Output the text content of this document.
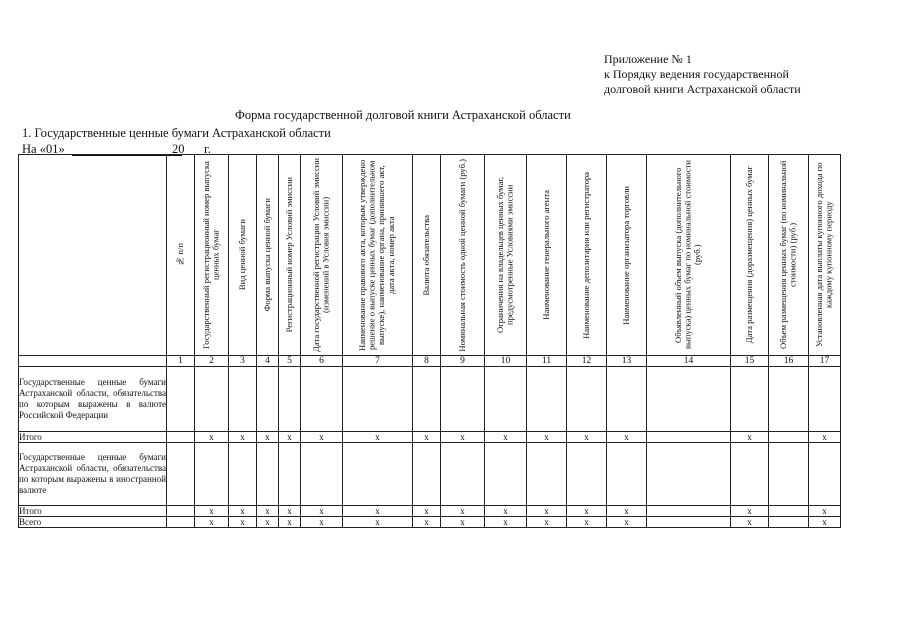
Приложение № 1
к Порядку ведения государственной
долговой книги Астраханской области
Форма государственной долговой книги Астраханской области
1. Государственные ценные бумаги Астраханской области
На «01»	20 г.

	№ п/п	Государственный регистрационный номер выпуска ценных бумаг	Вид ценной бумаги	Форма выпуска ценной бумаги	Регистрационный номер Условий эмиссии	Дата государственной регистрации Условий эмиссии (изменений в Условия эмиссии)	Наименование правового акта, которым утверждено решение о выпуске ценных бумаг (дополнительном выпуске), наименование органа, принявшего акт, дата акта, номер акта	Валюта обязательства	Номинальная стоимость одной ценной бумаги (руб.)	Ограничения на владельцев ценных бумаг, предусмотренные Условиями эмиссии	Наименование генерального агента	Наименование депозитария или регистратора	Наименование организатора торговли	Объявленный объем выпуска (дополнительного выпуска) ценных бумаг по номинальной стоимости (руб.)	Дата размещения (доразмещения) ценных бумаг	Объем размещения ценных бумаг (по номинальной стоимости) (руб.)	Установленная дата выплаты купонного дохода по каждому купонному периоду

	1	2	3	4	5	6	7	8	9	10	11	12	13	14	15	16	17
Государственные ценные бумаги Астраханской области, обязательства по которым выражены в валюте Российской Федерации																	
Итого		x	x	x	x	x	x	x	x	x	x	x	x		x		x
Государственные ценные бумаги Астраханской области, обязательства по которым выражены в иностранной валюте																	
Итого		x	x	x	x	x	x	x	x	x	x	x	x		x		x
Всего		x	x	x	x	x	x	x	x	x	x	x	x		x		x
